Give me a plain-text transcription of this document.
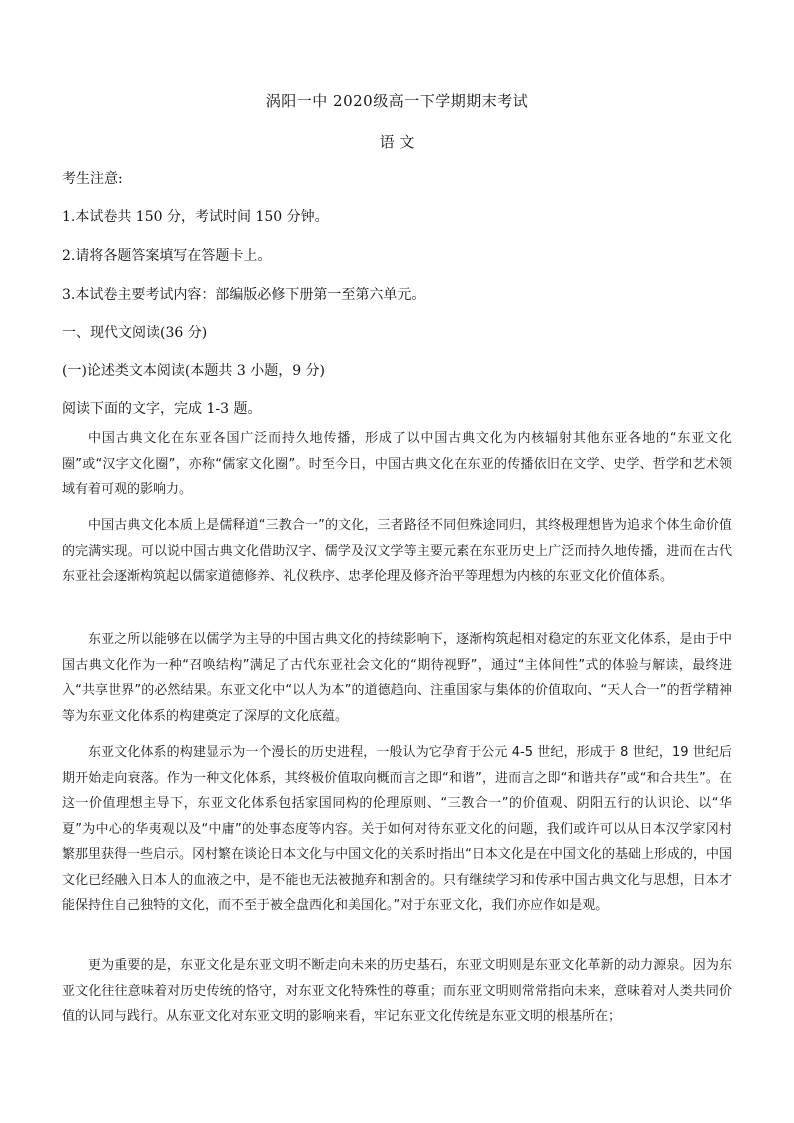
涡阳一中 2020级高一下学期期末考试
语 文
考生注意:
1.本试卷共 150 分，考试时间 150 分钟。
2.请将各题答案填写在答题卡上。
3.本试卷主要考试内容：部编版必修下册第一至第六单元。
一、现代文阅读(36 分)
(一)论述类文本阅读(本题共 3 小题，9 分)
阅读下面的文字，完成 1-3 题。

中国古典文化在东亚各国广泛而持久地传播，形成了以中国古典文化为内核辐射其他东亚各地的“东亚文化圈”或“汉字文化圈”，亦称“儒家文化圈”。时至今日，中国古典文化在东亚的传播依旧在文学、史学、哲学和艺术领域有着可观的影响力。

中国古典文化本质上是儒释道“三教合一”的文化，三者路径不同但殊途同归，其终极理想皆为追求个体生命价值的完满实现。可以说中国古典文化借助汉字、儒学及汉文学等主要元素在东亚历史上广泛而持久地传播，进而在古代东亚社会逐渐构筑起以儒家道德修养、礼仪秩序、忠孝伦理及修齐治平等理想为内核的东亚文化价值体系。

东亚之所以能够在以儒学为主导的中国古典文化的持续影响下，逐渐构筑起相对稳定的东亚文化体系，是由于中国古典文化作为一种“召唤结构”满足了古代东亚社会文化的“期待视野”，通过“主体间性”式的体验与解读，最终进入“共享世界”的必然结果。东亚文化中“以人为本”的道德趋向、注重国家与集体的价值取向、“天人合一”的哲学精神等为东亚文化体系的构建奠定了深厚的文化底蕴。

东亚文化体系的构建显示为一个漫长的历史进程，一般认为它孕育于公元 4-5 世纪，形成于 8 世纪，19 世纪后期开始走向衰落。作为一种文化体系，其终极价值取向概而言之即“和谐”，进而言之即“和谐共存”或“和合共生”。在这一价值理想主导下，东亚文化体系包括家国同构的伦理原则、“三教合一”的价值观、阴阳五行的认识论、以“华夏”为中心的华夷观以及“中庸”的处事态度等内容。关于如何对待东亚文化的问题，我们或许可以从日本汉学家冈村繁那里获得一些启示。冈村繁在谈论日本文化与中国文化的关系时指出“日本文化是在中国文化的基础上形成的，中国文化已经融入日本人的血液之中，是不能也无法被抛弃和割舍的。只有继续学习和传承中国古典文化与思想，日本才能保持住自己独特的文化，而不至于被全盘西化和美国化。”对于东亚文化，我们亦应作如是观。

更为重要的是，东亚文化是东亚文明不断走向未来的历史基石，东亚文明则是东亚文化革新的动力源泉。因为东亚文化往往意味着对历史传统的恪守，对东亚文化特殊性的尊重；而东亚文明则常常指向未来，意味着对人类共同价值的认同与践行。从东亚文化对东亚文明的影响来看，牢记东亚文化传统是东亚文明的根基所在；
